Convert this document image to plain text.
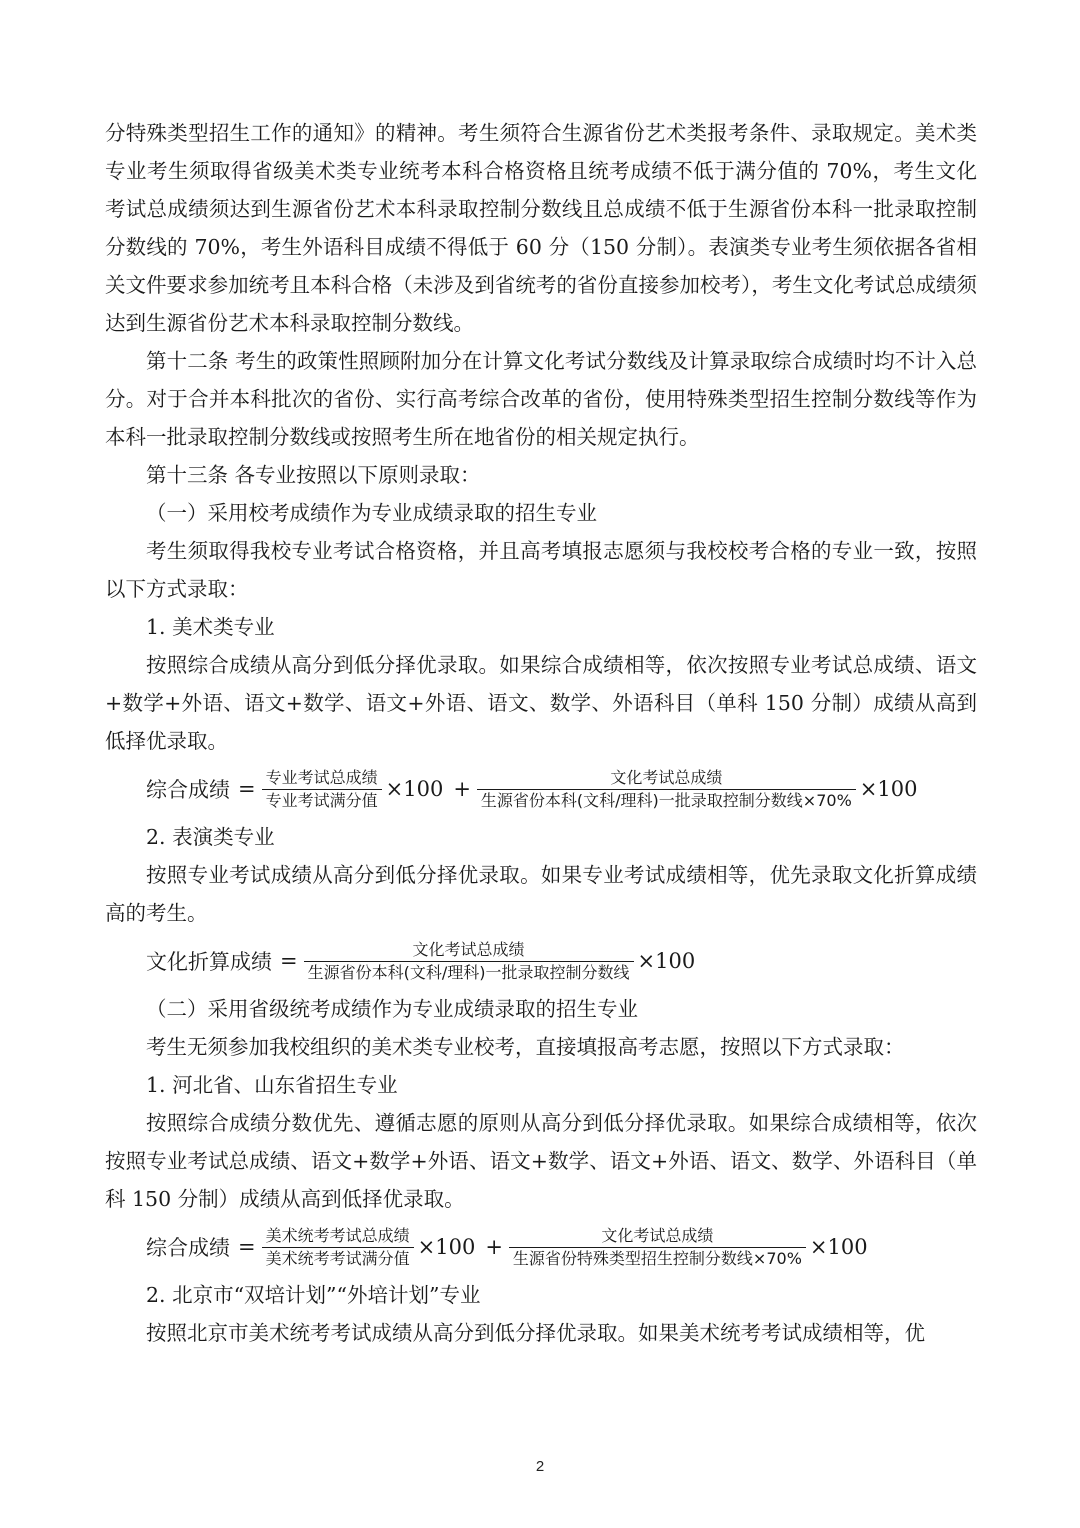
分特殊类型招生工作的通知》的精神。考生须符合生源省份艺术类报考条件、录取规定。美术类专业考生须取得省级美术类专业统考本科合格资格且统考成绩不低于满分值的 70%，考生文化考试总成绩须达到生源省份艺术本科录取控制分数线且总成绩不低于生源省份本科一批录取控制分数线的 70%，考生外语科目成绩不得低于 60 分（150 分制）。表演类专业考生须依据各省相关文件要求参加统考且本科合格（未涉及到省统考的省份直接参加校考），考生文化考试总成绩须达到生源省份艺术本科录取控制分数线。

第十二条 考生的政策性照顾附加分在计算文化考试分数线及计算录取综合成绩时均不计入总分。对于合并本科批次的省份、实行高考综合改革的省份，使用特殊类型招生控制分数线等作为本科一批录取控制分数线或按照考生所在地省份的相关规定执行。

第十三条 各专业按照以下原则录取：

（一）采用校考成绩作为专业成绩录取的招生专业

考生须取得我校专业考试合格资格，并且高考填报志愿须与我校校考合格的专业一致，按照以下方式录取：

1. 美术类专业

按照综合成绩从高分到低分择优录取。如果综合成绩相等，依次按照专业考试总成绩、语文+数学+外语、语文+数学、语文+外语、语文、数学、外语科目（单科 150 分制）成绩从高到低择优录取。

综合成绩 = $\frac{\text{专业考试总成绩}}{\text{专业考试满分值}} \times 100 + \frac{\text{文化考试总成绩}}{\text{生源省份本科(文科/理科)一批录取控制分数线×70\%}} \times 100$

2. 表演类专业

按照专业考试成绩从高分到低分择优录取。如果专业考试成绩相等，优先录取文化折算成绩高的考生。

文化折算成绩 = $\frac{\text{文化考试总成绩}}{\text{生源省份本科(文科/理科)一批录取控制分数线}} \times 100$

（二）采用省级统考成绩作为专业成绩录取的招生专业

考生无须参加我校组织的美术类专业校考，直接填报高考志愿，按照以下方式录取：

1. 河北省、山东省招生专业

按照综合成绩分数优先、遵循志愿的原则从高分到低分择优录取。如果综合成绩相等，依次按照专业考试总成绩、语文+数学+外语、语文+数学、语文+外语、语文、数学、外语科目（单科 150 分制）成绩从高到低择优录取。

综合成绩 = $\frac{\text{美术统考考试总成绩}}{\text{美术统考考试满分值}} \times 100 + \frac{\text{文化考试总成绩}}{\text{生源省份特殊类型招生控制分数线×70\%}} \times 100$

2. 北京市“双培计划”“外培计划”专业

按照北京市美术统考考试成绩从高分到低分择优录取。如果美术统考考试成绩相等，优

2
